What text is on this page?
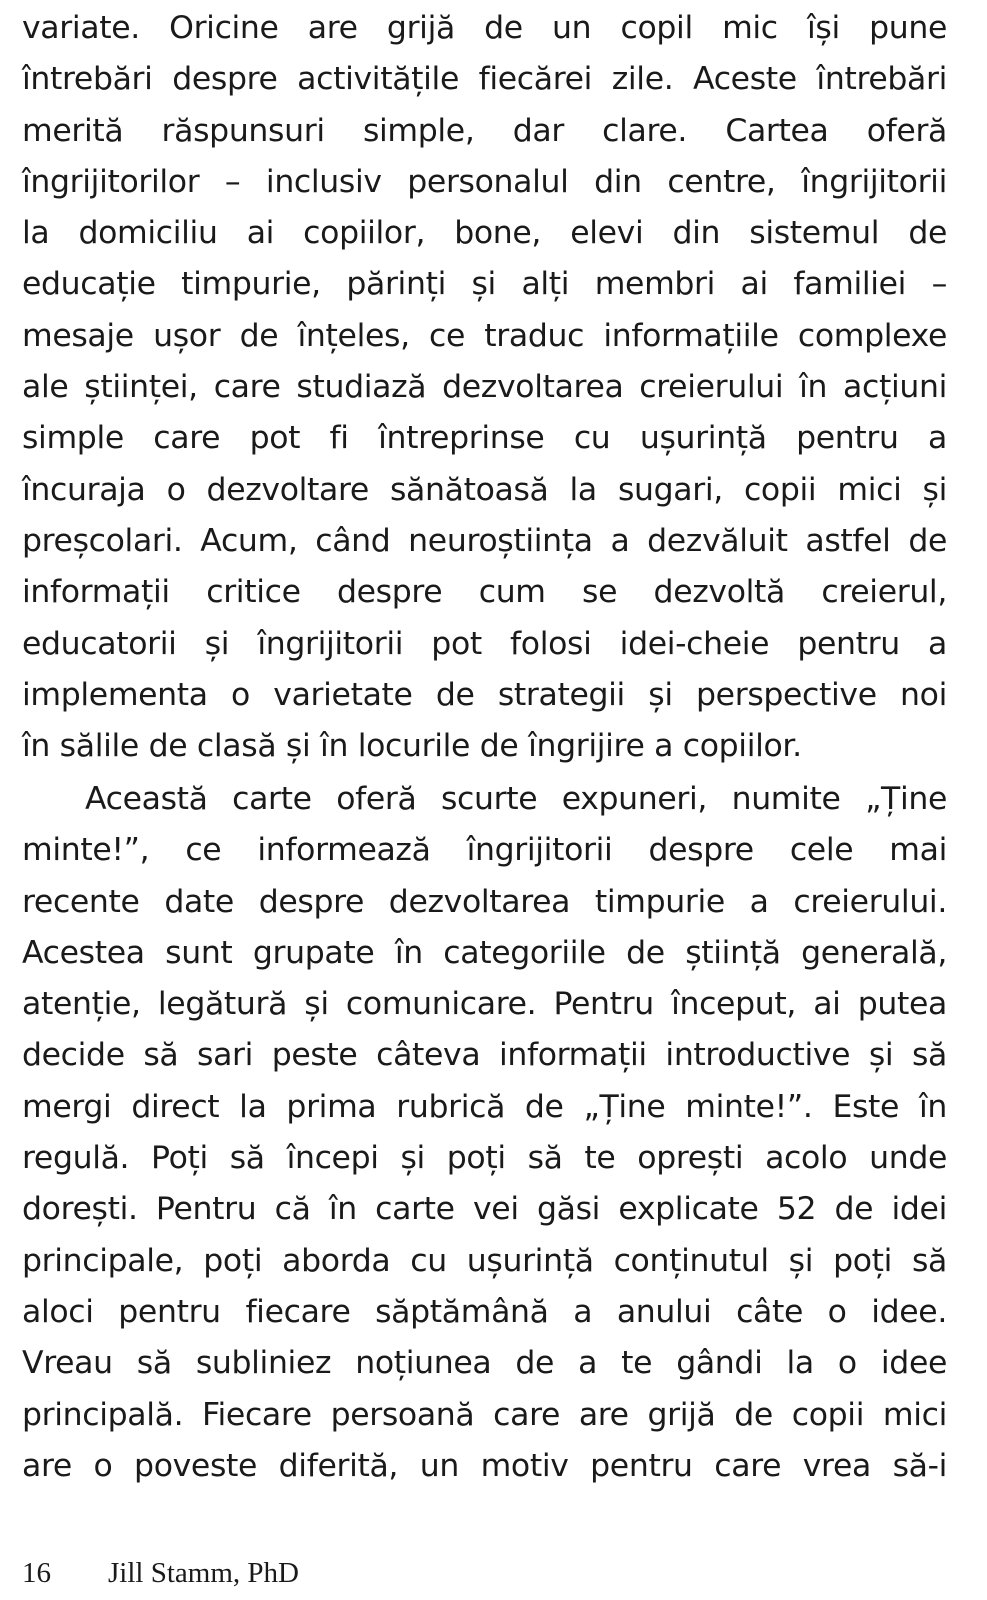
variate. Oricine are grijă de un copil mic își pune
întrebări despre activitățile fiecărei zile. Aceste întrebări
merită răspunsuri simple, dar clare. Cartea oferă
îngrijitorilor – inclusiv personalul din centre, îngrijitorii
la domiciliu ai copiilor, bone, elevi din sistemul de
educație timpurie, părinți și alți membri ai familiei –
mesaje ușor de înțeles, ce traduc informațiile complexe
ale științei, care studiază dezvoltarea creierului în acțiuni
simple care pot fi întreprinse cu ușurință pentru a
încuraja o dezvoltare sănătoasă la sugari, copii mici și
preșcolari. Acum, când neuroștiința a dezvăluit astfel de
informații critice despre cum se dezvoltă creierul,
educatorii și îngrijitorii pot folosi idei-cheie pentru a
implementa o varietate de strategii și perspective noi
în sălile de clasă și în locurile de îngrijire a copiilor.
Această carte oferă scurte expuneri, numite „Ține
minte!”, ce informează îngrijitorii despre cele mai
recente date despre dezvoltarea timpurie a creierului.
Acestea sunt grupate în categoriile de știință generală,
atenție, legătură și comunicare. Pentru început, ai putea
decide să sari peste câteva informații introductive și să
mergi direct la prima rubrică de „Ține minte!”. Este în
regulă. Poți să începi și poți să te oprești acolo unde
dorești. Pentru că în carte vei găsi explicate 52 de idei
principale, poți aborda cu ușurință conținutul și poți să
aloci pentru fiecare săptămână a anului câte o idee.
Vreau să subliniez noțiunea de a te gândi la o idee
principală. Fiecare persoană care are grijă de copii mici
are o poveste diferită, un motiv pentru care vrea să-i
16 Jill Stamm, PhD
